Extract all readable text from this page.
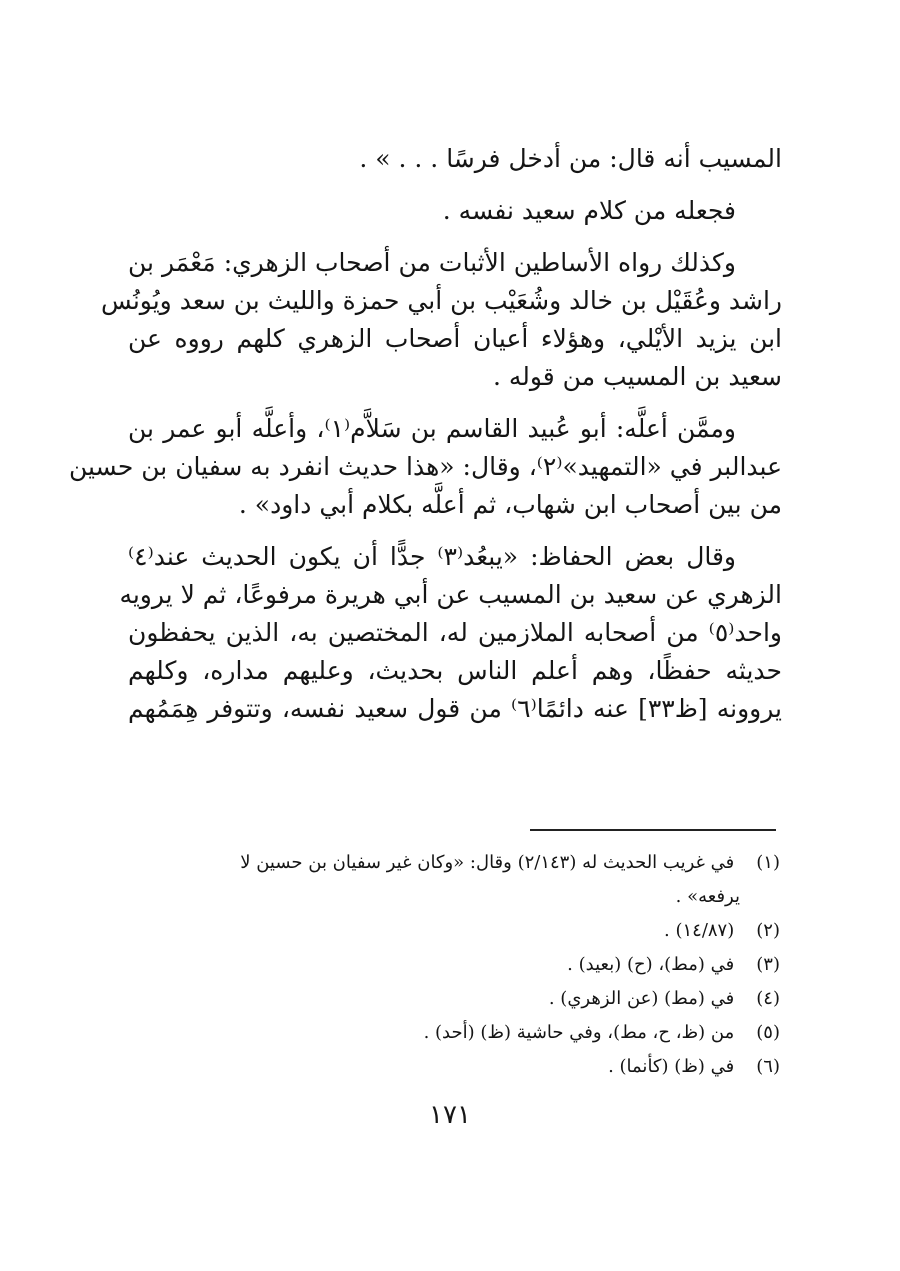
المسيب أنه قال: من أدخل فرسًا . . . » .
فجعله من كلام سعيد نفسه .
وكذلك رواه الأساطين الأثبات من أصحاب الزهري: مَعْمَر بن
راشد وعُقَيْل بن خالد وشُعَيْب بن أبي حمزة والليث بن سعد ويُونُس
ابن يزيد الأيْلي، وهؤلاء أعيان أصحاب الزهري كلهم رووه عن
سعيد بن المسيب من قوله .
وممَّن أعلَّه: أبو عُبيد القاسم بن سَلاَّم⁽١⁾، وأعلَّه أبو عمر بن
عبدالبر في «التمهيد»⁽٢⁾، وقال: «هذا حديث انفرد به سفيان بن حسين
من بين أصحاب ابن شهاب، ثم أعلَّه بكلام أبي داود» .
وقال بعض الحفاظ: «يبعُد⁽٣⁾ جدًّا أن يكون الحديث عند⁽٤⁾
الزهري عن سعيد بن المسيب عن أبي هريرة مرفوعًا، ثم لا يرويه
واحد⁽٥⁾ من أصحابه الملازمين له، المختصين به، الذين يحفظون
حديثه حفظًا، وهم أعلم الناس بحديث، وعليهم مداره، وكلهم
يروونه [ظ٣٣] عنه دائمًا⁽٦⁾ من قول سعيد نفسه، وتتوفر هِمَمُهم
(١) في غريب الحديث له (٢/١٤٣) وقال: «وكان غير سفيان بن حسين لا
يرفعه» .
(٢) (١٤/٨٧) .
(٣) في (مط)، (ح) (بعيد) .
(٤) في (مط) (عن الزهري) .
(٥) من (ظ، ح، مط)، وفي حاشية (ظ) (أحد) .
(٦) في (ظ) (كأنما) .
١٧١
